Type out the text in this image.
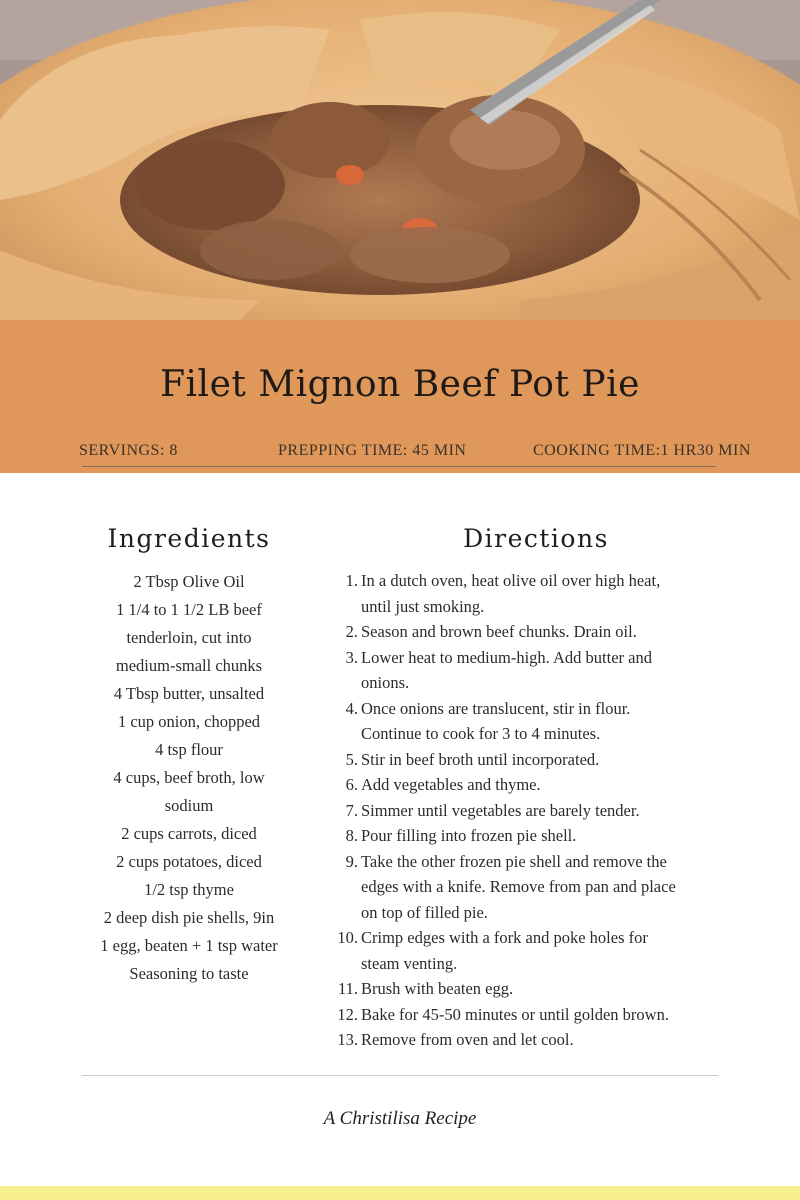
Filet Mignon Beef Pot Pie
SERVINGS: 8	PREPPING TIME: 45 MIN	COOKING TIME:1 HR30 MIN
Ingredients
2 Tbsp Olive Oil
1 1/4 to 1 1/2 LB beef
tenderloin, cut into
medium-small chunks
4 Tbsp butter, unsalted
1 cup onion, chopped
4 tsp flour
4 cups, beef broth, low
sodium
2 cups carrots, diced
2 cups potatoes, diced
1/2 tsp thyme
2 deep dish pie shells, 9in
1 egg, beaten + 1 tsp water
Seasoning to taste
Directions
1. In a dutch oven, heat olive oil over high heat,
until just smoking.
2. Season and brown beef chunks. Drain oil.
3. Lower heat to medium-high. Add butter and
onions.
4. Once onions are translucent, stir in flour.
Continue to cook for 3 to 4 minutes.
5. Stir in beef broth until incorporated.
6. Add vegetables and thyme.
7. Simmer until vegetables are barely tender.
8. Pour filling into frozen pie shell.
9. Take the other frozen pie shell and remove the
edges with a knife. Remove from pan and place
on top of filled pie.
10. Crimp edges with a fork and poke holes for
steam venting.
11. Brush with beaten egg.
12. Bake for 45-50 minutes or until golden brown.
13. Remove from oven and let cool.
A Christilisa Recipe
